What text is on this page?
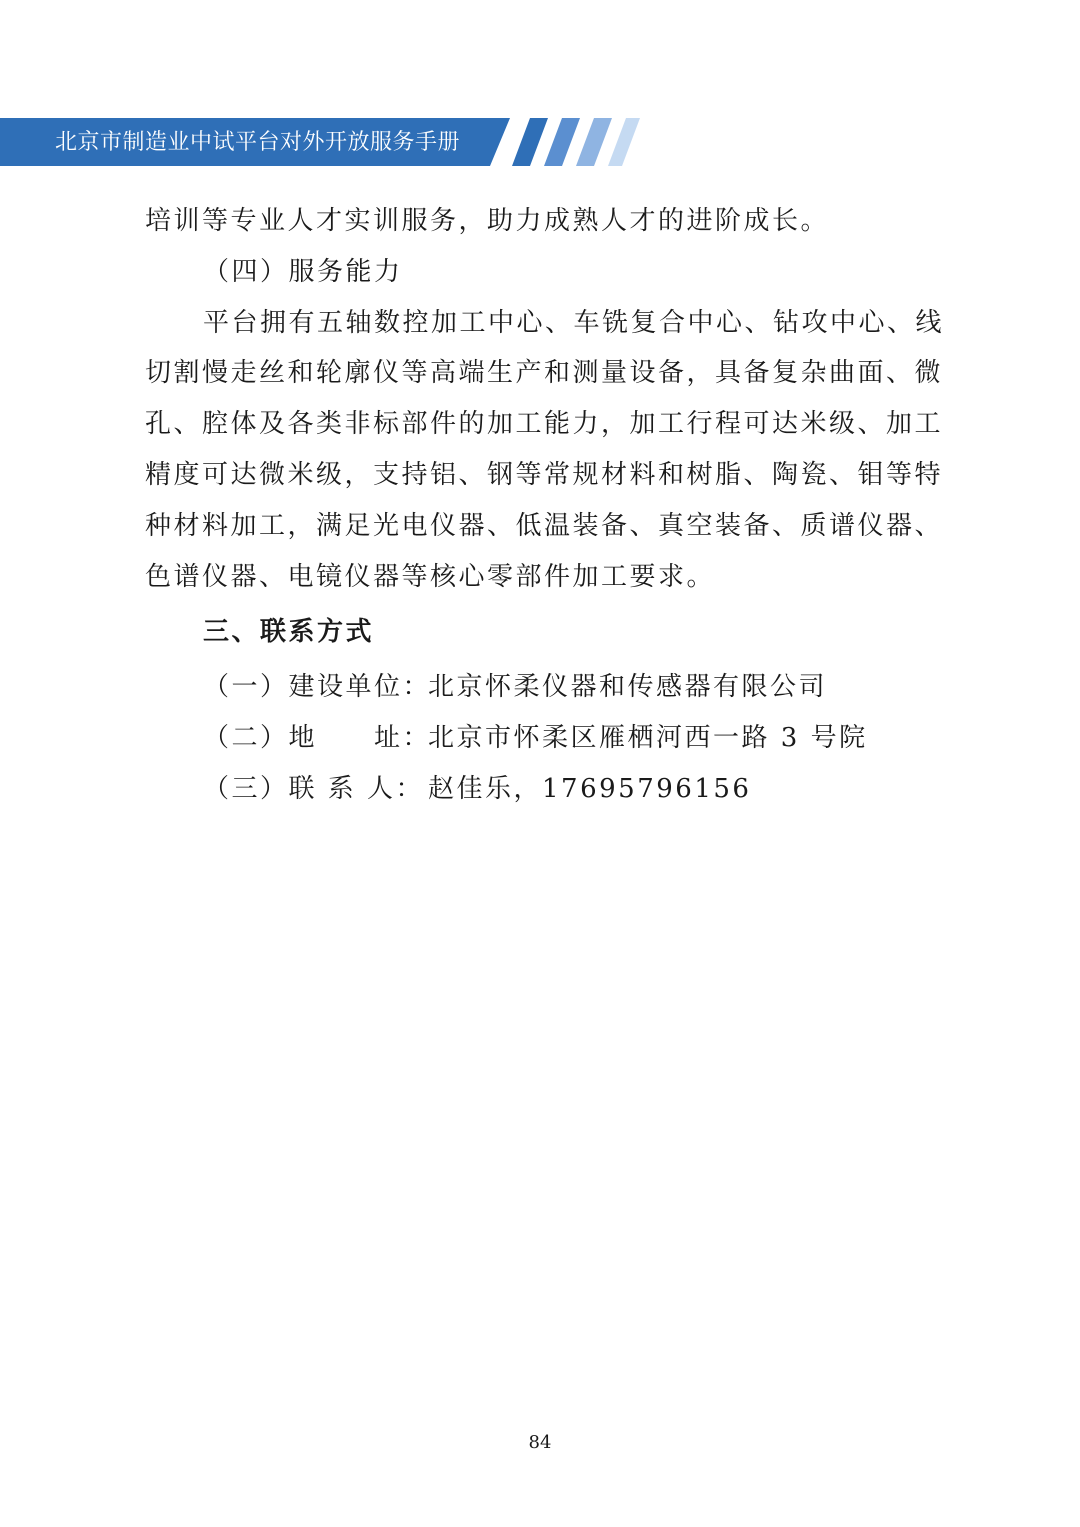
北京市制造业中试平台对外开放服务手册

培训等专业人才实训服务，助力成熟人才的进阶成长。

（四）服务能力

平台拥有五轴数控加工中心、车铣复合中心、钻攻中心、线

切割慢走丝和轮廓仪等高端生产和测量设备，具备复杂曲面、微

孔、腔体及各类非标部件的加工能力，加工行程可达米级、加工

精度可达微米级，支持铝、钢等常规材料和树脂、陶瓷、钼等特

种材料加工，满足光电仪器、低温装备、真空装备、质谱仪器、

色谱仪器、电镜仪器等核心零部件加工要求。

三、联系方式

（一）建设单位：北京怀柔仪器和传感器有限公司
（二）地　　址：北京市怀柔区雁栖河西一路 3 号院
（三）联 系 人： 赵佳乐，17695796156
84
